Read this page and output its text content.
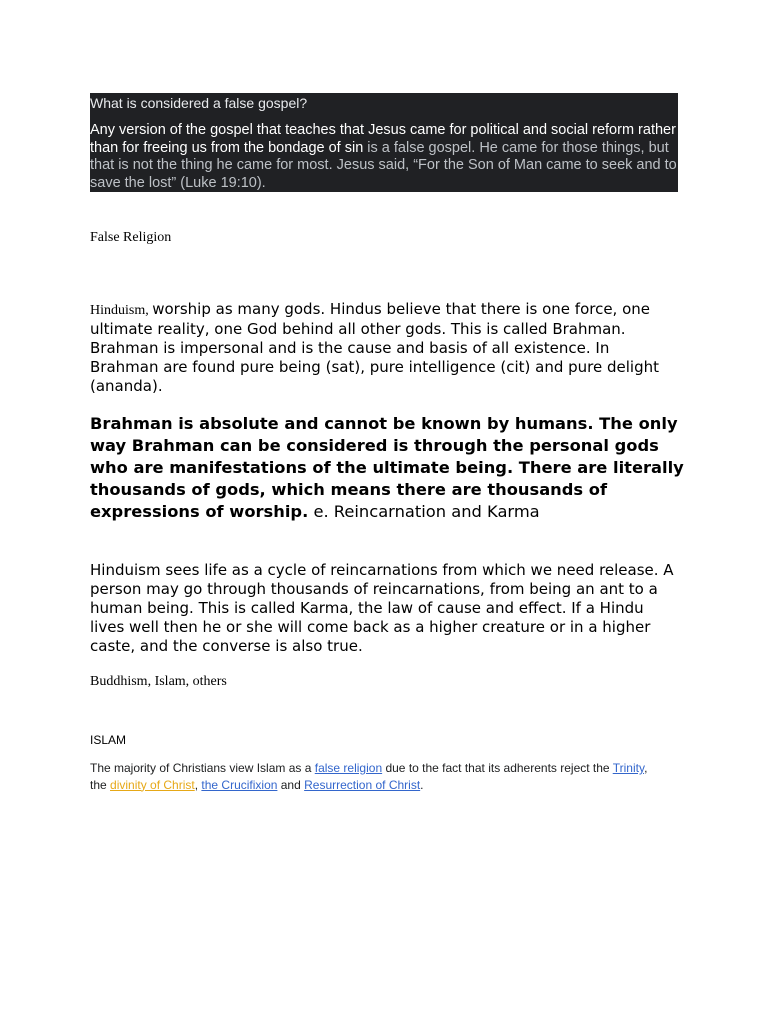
What is considered a false gospel?

Any version of the gospel that teaches that Jesus came for political and social reform rather than for freeing us from the bondage of sin is a false gospel. He came for those things, but that is not the thing he came for most. Jesus said, “For the Son of Man came to seek and to save the lost” (Luke 19:10).

False Religion
Hinduism, worship as many gods. Hindus believe that there is one force, one ultimate reality, one God behind all other gods. This is called Brahman. Brahman is impersonal and is the cause and basis of all existence. In Brahman are found pure being (sat), pure intelligence (cit) and pure delight (ananda).
Brahman is absolute and cannot be known by humans. The only way Brahman can be considered is through the personal gods who are manifestations of the ultimate being. There are literally thousands of gods, which means there are thousands of expressions of worship. e. Reincarnation and Karma
Hinduism sees life as a cycle of reincarnations from which we need release. A person may go through thousands of reincarnations, from being an ant to a human being. This is called Karma, the law of cause and effect. If a Hindu lives well then he or she will come back as a higher creature or in a higher caste, and the converse is also true.
Buddhism, Islam, others
ISLAM
The majority of Christians view Islam as a false religion due to the fact that its adherents reject the Trinity, the divinity of Christ, the Crucifixion and Resurrection of Christ.
